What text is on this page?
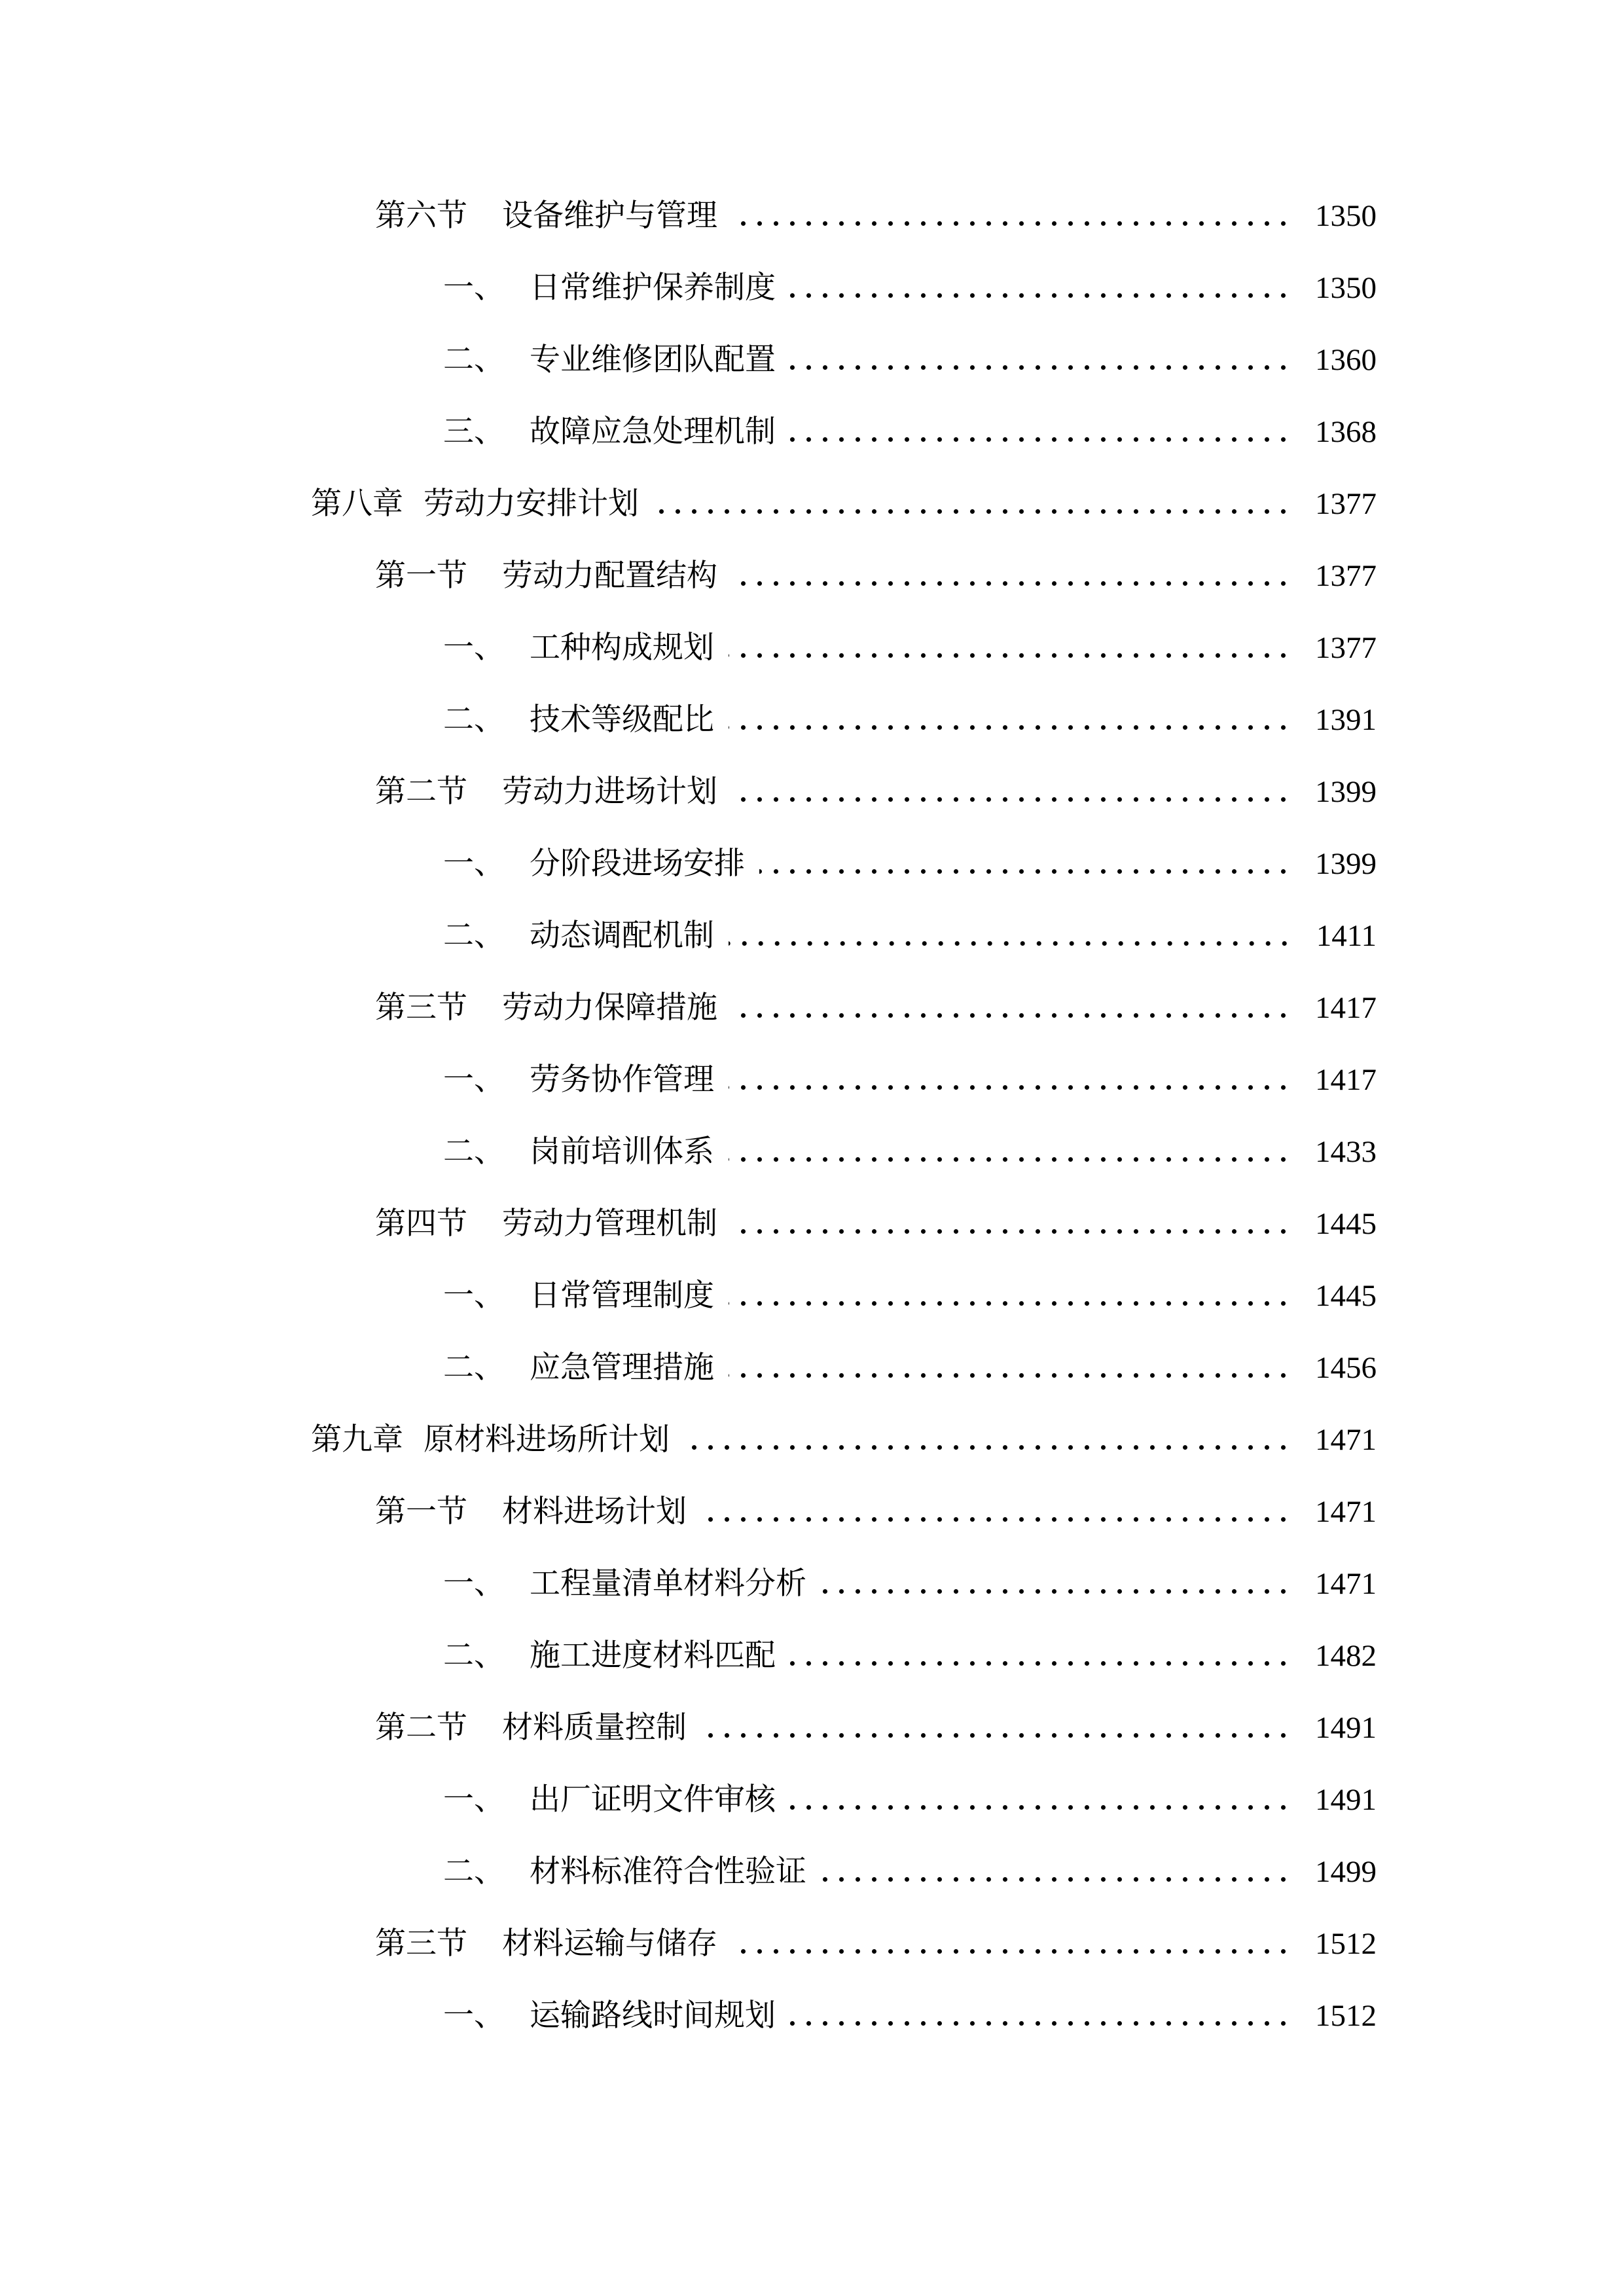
第六节 设备维护与管理	1350
一、 日常维护保养制度	1350
二、 专业维修团队配置	1360
三、 故障应急处理机制	1368
第八章 劳动力安排计划	1377
第一节 劳动力配置结构	1377
一、 工种构成规划	1377
二、 技术等级配比	1391
第二节 劳动力进场计划	1399
一、 分阶段进场安排	1399
二、 动态调配机制	1411
第三节 劳动力保障措施	1417
一、 劳务协作管理	1417
二、 岗前培训体系	1433
第四节 劳动力管理机制	1445
一、 日常管理制度	1445
二、 应急管理措施	1456
第九章 原材料进场所计划	1471
第一节 材料进场计划	1471
一、 工程量清单材料分析	1471
二、 施工进度材料匹配	1482
第二节 材料质量控制	1491
一、 出厂证明文件审核	1491
二、 材料标准符合性验证	1499
第三节 材料运输与储存	1512
一、 运输路线时间规划	1512
